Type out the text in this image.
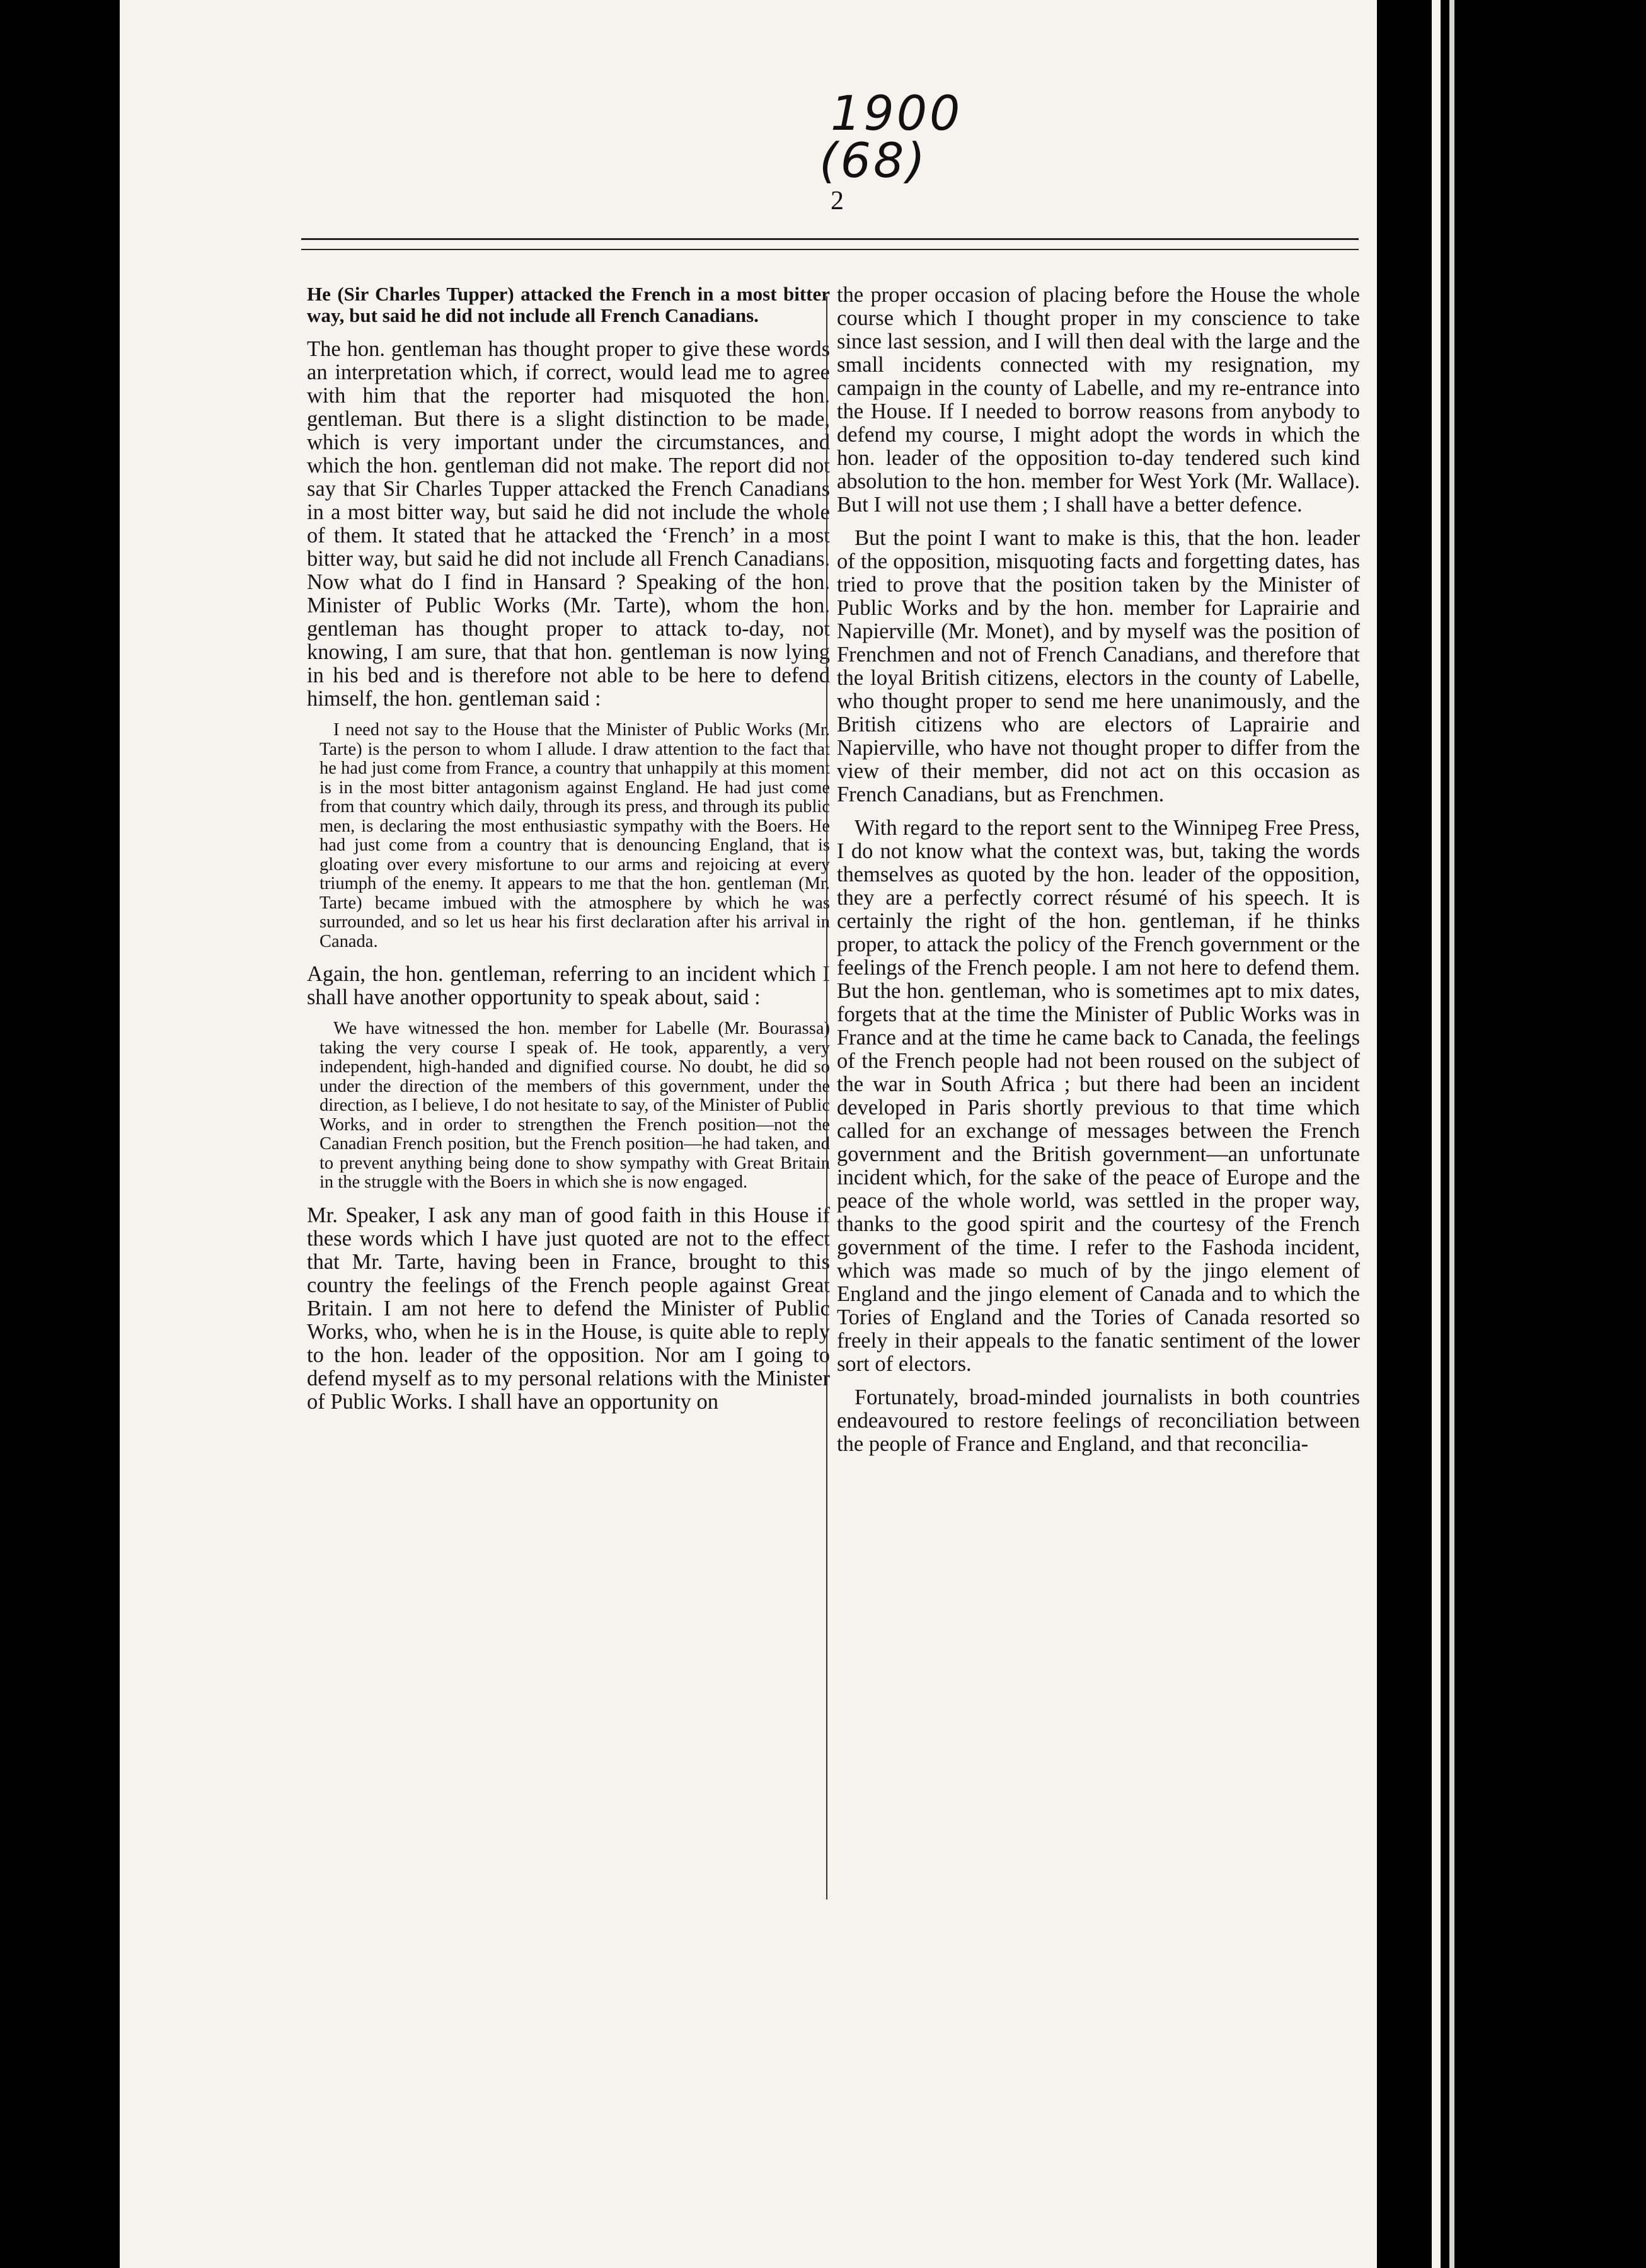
1900
(68)
2

He (Sir Charles Tupper) attacked the French in a most bitter way, but said he did not include all French Canadians.

The hon. gentleman has thought proper to give these words an interpretation which, if correct, would lead me to agree with him that the reporter had misquoted the hon. gentleman. But there is a slight distinction to be made, which is very important under the circumstances, and which the hon. gentleman did not make. The report did not say that Sir Charles Tupper attacked the French Canadians in a most bitter way, but said he did not include the whole of them. It stated that he attacked the ‘French’ in a most bitter way, but said he did not include all French Canadians. Now what do I find in Hansard ? Speaking of the hon. Minister of Public Works (Mr. Tarte), whom the hon. gentleman has thought proper to attack to-day, not knowing, I am sure, that that hon. gentleman is now lying in his bed and is therefore not able to be here to defend himself, the hon. gentleman said :

I need not say to the House that the Minister of Public Works (Mr. Tarte) is the person to whom I allude. I draw attention to the fact that he had just come from France, a country that unhappily at this moment is in the most bitter antagonism against England. He had just come from that country which daily, through its press, and through its public men, is declaring the most enthusiastic sympathy with the Boers. He had just come from a country that is denouncing England, that is gloating over every misfortune to our arms and rejoicing at every triumph of the enemy. It appears to me that the hon. gentleman (Mr. Tarte) became imbued with the atmosphere by which he was surrounded, and so let us hear his first declaration after his arrival in Canada.

Again, the hon. gentleman, referring to an incident which I shall have another opportunity to speak about, said :

We have witnessed the hon. member for Labelle (Mr. Bourassa) taking the very course I speak of. He took, apparently, a very independent, high-handed and dignified course. No doubt, he did so under the direction of the members of this government, under the direction, as I believe, I do not hesitate to say, of the Minister of Public Works, and in order to strengthen the French position—not the Canadian French position, but the French position—he had taken, and to prevent anything being done to show sympathy with Great Britain in the struggle with the Boers in which she is now engaged.

Mr. Speaker, I ask any man of good faith in this House if these words which I have just quoted are not to the effect that Mr. Tarte, having been in France, brought to this country the feelings of the French people against Great Britain. I am not here to defend the Minister of Public Works, who, when he is in the House, is quite able to reply to the hon. leader of the opposition. Nor am I going to defend myself as to my personal relations with the Minister of Public Works. I shall have an opportunity on

the proper occasion of placing before the House the whole course which I thought proper in my conscience to take since last session, and I will then deal with the large and the small incidents connected with my resignation, my campaign in the county of Labelle, and my re-entrance into the House. If I needed to borrow reasons from anybody to defend my course, I might adopt the words in which the hon. leader of the opposition to-day tendered such kind absolution to the hon. member for West York (Mr. Wallace). But I will not use them ; I shall have a better defence.

But the point I want to make is this, that the hon. leader of the opposition, misquoting facts and forgetting dates, has tried to prove that the position taken by the Minister of Public Works and by the hon. member for Laprairie and Napierville (Mr. Monet), and by myself was the position of Frenchmen and not of French Canadians, and therefore that the loyal British citizens, electors in the county of Labelle, who thought proper to send me here unanimously, and the British citizens who are electors of Laprairie and Napierville, who have not thought proper to differ from the view of their member, did not act on this occasion as French Canadians, but as Frenchmen.

With regard to the report sent to the Winnipeg Free Press, I do not know what the context was, but, taking the words themselves as quoted by the hon. leader of the opposition, they are a perfectly correct résumé of his speech. It is certainly the right of the hon. gentleman, if he thinks proper, to attack the policy of the French government or the feelings of the French people. I am not here to defend them. But the hon. gentleman, who is sometimes apt to mix dates, forgets that at the time the Minister of Public Works was in France and at the time he came back to Canada, the feelings of the French people had not been roused on the subject of the war in South Africa ; but there had been an incident developed in Paris shortly previous to that time which called for an exchange of messages between the French government and the British government—an unfortunate incident which, for the sake of the peace of Europe and the peace of the whole world, was settled in the proper way, thanks to the good spirit and the courtesy of the French government of the time. I refer to the Fashoda incident, which was made so much of by the jingo element of England and the jingo element of Canada and to which the Tories of England and the Tories of Canada resorted so freely in their appeals to the fanatic sentiment of the lower sort of electors.

Fortunately, broad-minded journalists in both countries endeavoured to restore feelings of reconciliation between the people of France and England, and that reconcilia-
